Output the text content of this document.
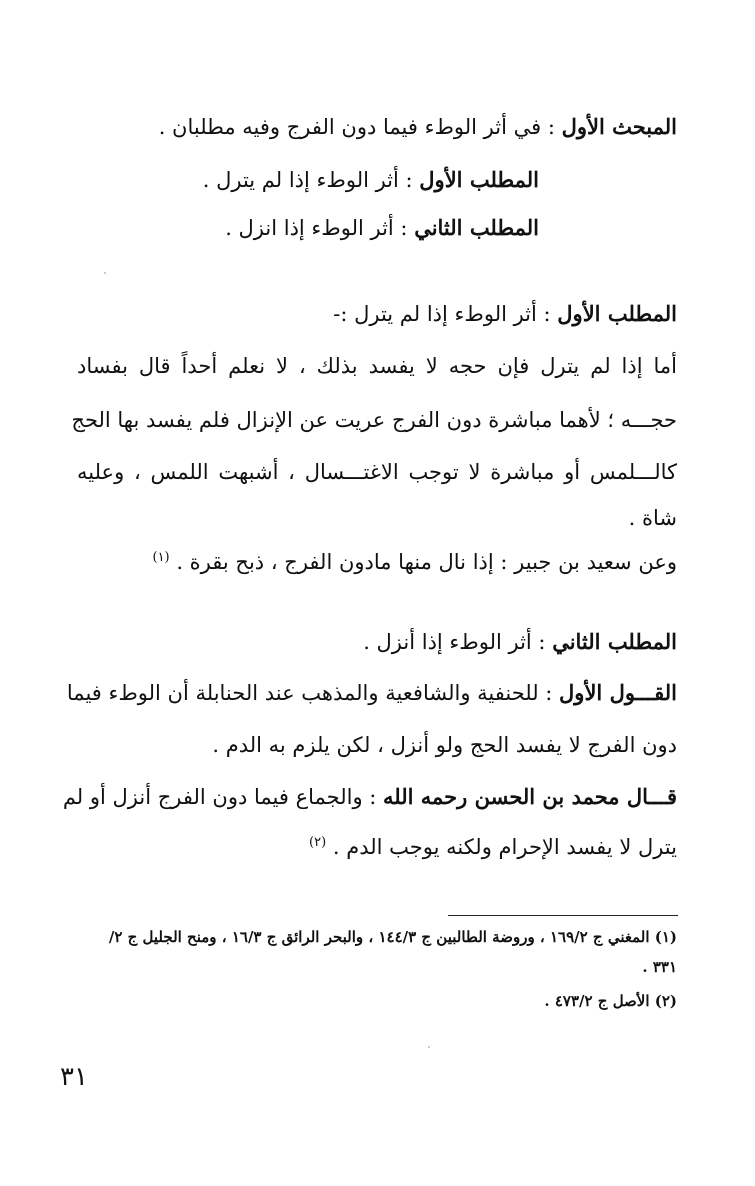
المبحث الأول : في أثر الوطء فيما دون الفرج وفيه مطلبان .
المطلب الأول : أثر الوطء إذا لم يترل .
المطلب الثاني : أثر الوطء إذا انزل .
المطلب الأول : أثر الوطء إذا لم يترل :-
أما إذا لم يترل فإن حجه لا يفسد بذلك ، لا نعلم أحداً قال بفساد
حجـــه ؛ لأهما مباشرة دون الفرج عريت عن الإنزال فلم يفسد بها الحج
كالـــلمس أو مباشرة لا توجب الاغتـــسال ، أشبهت اللمس ، وعليه
شاة .
وعن سعيد بن جبير : إذا نال منها مادون الفرج ، ذبح بقرة . $^{(١)}$
المطلب الثاني : أثر الوطء إذا أنزل .
القـــول الأول : للحنفية والشافعية والمذهب عند الحنابلة أن الوطء فيما
دون الفرج لا يفسد الحج ولو أنزل ، لكن يلزم به الدم .
قـــال محمد بن الحسن رحمه الله : والجماع فيما دون الفرج أنزل أو لم
يترل لا يفسد الإحرام ولكنه يوجب الدم . $^{(٢)}$
(١) المغني ج ١٦٩/٢ ، وروضة الطالبين ج ١٤٤/٣ ، والبحر الرائق ج ١٦/٣ ، ومنح الجليل ج ٢/
٣٣١ .
(٢) الأصل ج ٤٧٣/٢ .
٣١
